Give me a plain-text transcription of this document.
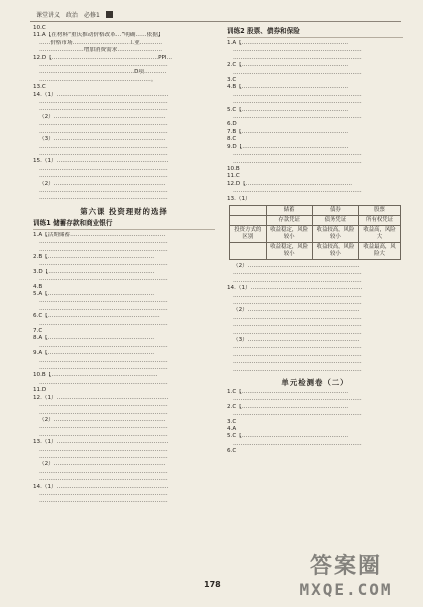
课堂讲义 政治 必修1
10.C
11.A【在材料“重庆推动价格改革…”明确……依据】
……价格市场…………………………工业…………
……………………增加消费需求……………………
12.D【…………………………………………………PPI…
……………………………………………………………
……………………………………………D项…………
……………………………………………………。
13.C
14.（1）……………………………………………………
……………………………………………………………
……………………………………………………………
（2）……………………………………………………
……………………………………………………………
……………………………………………………………
（3）……………………………………………………
……………………………………………………………
……………………………………………………………
15.（1）……………………………………………………
……………………………………………………………
……………………………………………………………
（2）……………………………………………………
……………………………………………………………
……………………………………………………………
第六课 投资理财的选择
训练1 储蓄存款和商业银行
1.A【活期储蓄……………………………………………
……………………………………………………………
……………………………………………………………
2.B【…………………………………………………
……………………………………………………………
3.D【…………………………………………………
……………………………………………………………
4.B
5.A【…………………………………………………
……………………………………………………………
……………………………………………………………
6.C【……………………………………………………
……………………………………………………………
7.C
8.A【…………………………………………………
……………………………………………………………
9.A【…………………………………………………
……………………………………………………………
……………………………………………………………
10.B【…………………………………………………
……………………………………………………………
11.D
12.（1）……………………………………………………
……………………………………………………………
……………………………………………………………
（2）……………………………………………………
……………………………………………………………
……………………………………………………………
13.（1）……………………………………………………
……………………………………………………………
……………………………………………………………
（2）……………………………………………………
……………………………………………………………
……………………………………………………………
14.（1）……………………………………………………
……………………………………………………………
……………………………………………………………
训练2 股票、债券和保险
1.A【…………………………………………………
……………………………………………………………
……………………………………………………………
2.C【…………………………………………………
……………………………………………………………
3.C
4.B【…………………………………………………
……………………………………………………………
……………………………………………………………
5.C【…………………………………………………
……………………………………………………………
6.D
7.B【…………………………………………………
8.C
9.D【…………………………………………………
……………………………………………………………
……………………………………………………………
10.B
11.C
12.D【…………………………………………………
……………………………………………………………
13.（1）
	储蓄	债券	股票
	存款凭证	债务凭证	所有权凭证
投资方式的区别	收益稳定，风险较小	收益较高，风险较小	收益高，风险大
	收益稳定，风险较小	收益较高，风险较小	收益最高，风险大
（2）……………………………………………………
……………………………………………………………
……………………………………………………………
14.（1）……………………………………………………
……………………………………………………………
……………………………………………………………
（2）……………………………………………………
……………………………………………………………
……………………………………………………………
……………………………………………………………
（3）……………………………………………………
……………………………………………………………
……………………………………………………………
……………………………………………………………
……………………………………………………………
单元检测卷（二）
1.C【…………………………………………………
……………………………………………………………
2.C【…………………………………………………
……………………………………………………………
3.C
4.A
5.C【…………………………………………………
……………………………………………………………
6.C
178
答案圈
MXQE.COM
